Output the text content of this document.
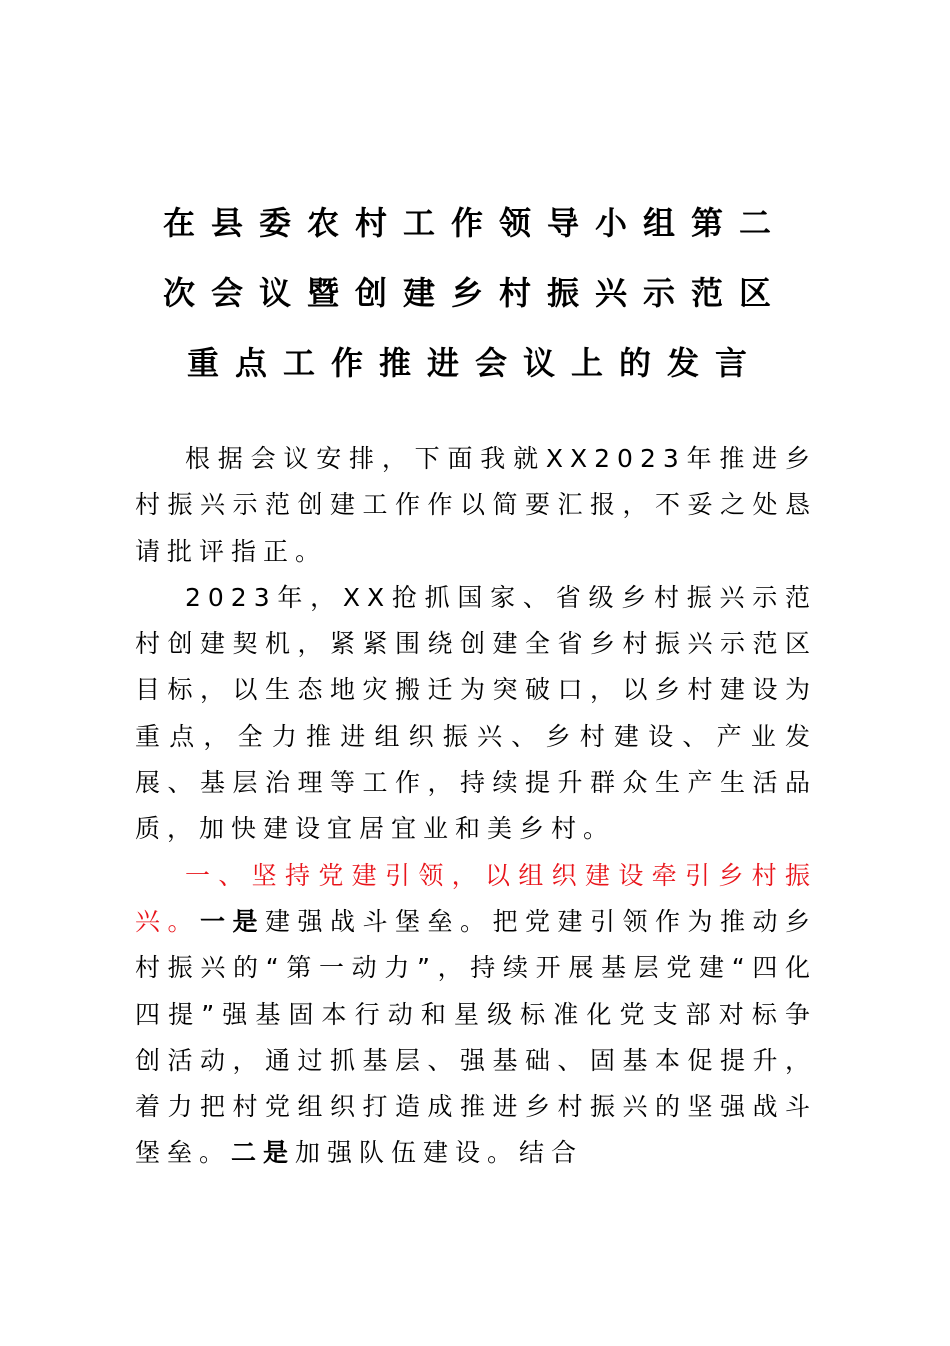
在县委农村工作领导小组第二
次会议暨创建乡村振兴示范区
重点工作推进会议上的发言

根据会议安排，下面我就XX2023年推进乡村振兴示范创建工作作以简要汇报，不妥之处恳请批评指正。

2023年，XX抢抓国家、省级乡村振兴示范村创建契机，紧紧围绕创建全省乡村振兴示范区目标，以生态地灾搬迁为突破口，以乡村建设为重点，全力推进组织振兴、乡村建设、产业发展、基层治理等工作，持续提升群众生产生活品质，加快建设宜居宜业和美乡村。

一、坚持党建引领，以组织建设牵引乡村振兴。一是建强战斗堡垒。把党建引领作为推动乡村振兴的“第一动力”，持续开展基层党建“四化四提”强基固本行动和星级标准化党支部对标争创活动，通过抓基层、强基础、固基本促提升，着力把村党组织打造成推进乡村振兴的坚强战斗堡垒。二是加强队伍建设。结合
